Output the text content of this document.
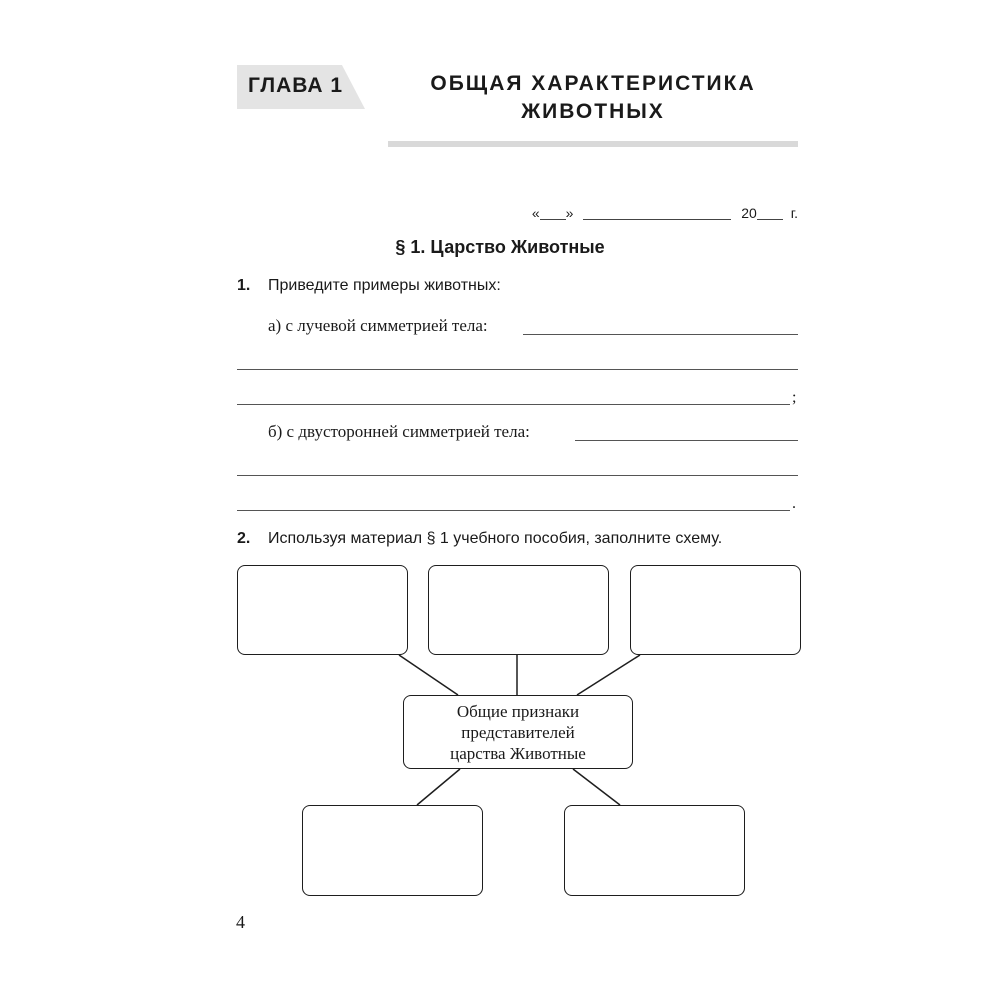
ГЛАВА 1	ОБЩАЯ ХАРАКТЕРИСТИКА
ЖИВОТНЫХ
« »	20 г.
§ 1. Царство Животные
1. Приведите примеры животных:
а) с лучевой симметрией тела:
;
б) с двусторонней симметрией тела:
.
2. Используя материал § 1 учебного пособия, заполните схему.
Общие признаки
представителей
царства Животные
4
